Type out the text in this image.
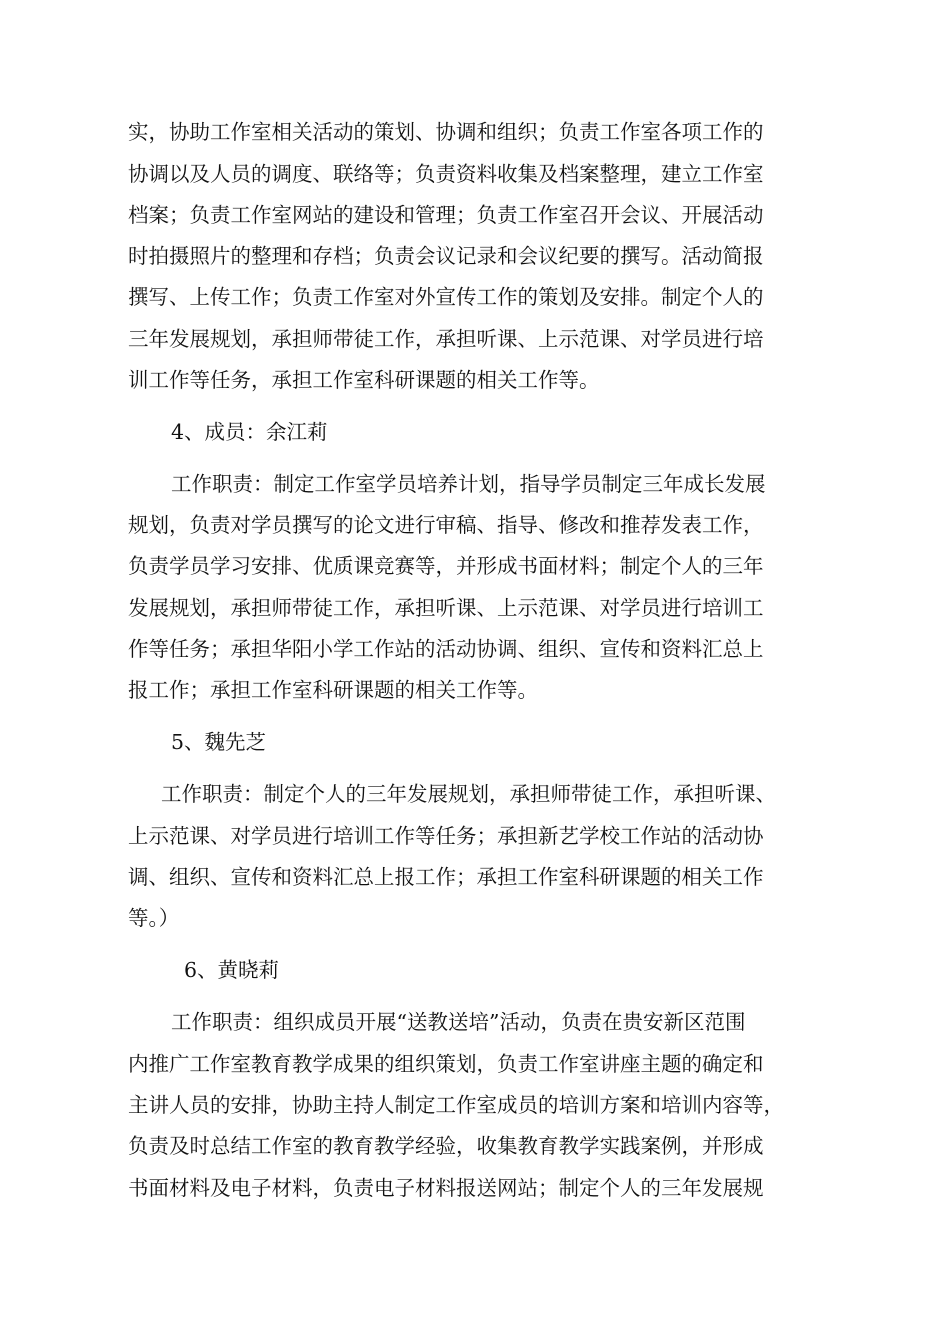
实，协助工作室相关活动的策划、协调和组织；负责工作室各项工作的
协调以及人员的调度、联络等；负责资料收集及档案整理，建立工作室
档案；负责工作室网站的建设和管理；负责工作室召开会议、开展活动
时拍摄照片的整理和存档；负责会议记录和会议纪要的撰写。活动简报
撰写、上传工作；负责工作室对外宣传工作的策划及安排。制定个人的
三年发展规划，承担师带徒工作，承担听课、上示范课、对学员进行培
训工作等任务，承担工作室科研课题的相关工作等。
4、成员：余江莉
工作职责：制定工作室学员培养计划，指导学员制定三年成长发展
规划，负责对学员撰写的论文进行审稿、指导、修改和推荐发表工作，
负责学员学习安排、优质课竞赛等，并形成书面材料；制定个人的三年
发展规划，承担师带徒工作，承担听课、上示范课、对学员进行培训工
作等任务；承担华阳小学工作站的活动协调、组织、宣传和资料汇总上
报工作；承担工作室科研课题的相关工作等。
5、魏先芝
工作职责：制定个人的三年发展规划，承担师带徒工作，承担听课、
上示范课、对学员进行培训工作等任务；承担新艺学校工作站的活动协
调、组织、宣传和资料汇总上报工作；承担工作室科研课题的相关工作
等。）
6、黄晓莉
工作职责：组织成员开展“送教送培”活动，负责在贵安新区范围
内推广工作室教育教学成果的组织策划，负责工作室讲座主题的确定和
主讲人员的安排，协助主持人制定工作室成员的培训方案和培训内容等，
负责及时总结工作室的教育教学经验，收集教育教学实践案例，并形成
书面材料及电子材料，负责电子材料报送网站；制定个人的三年发展规
